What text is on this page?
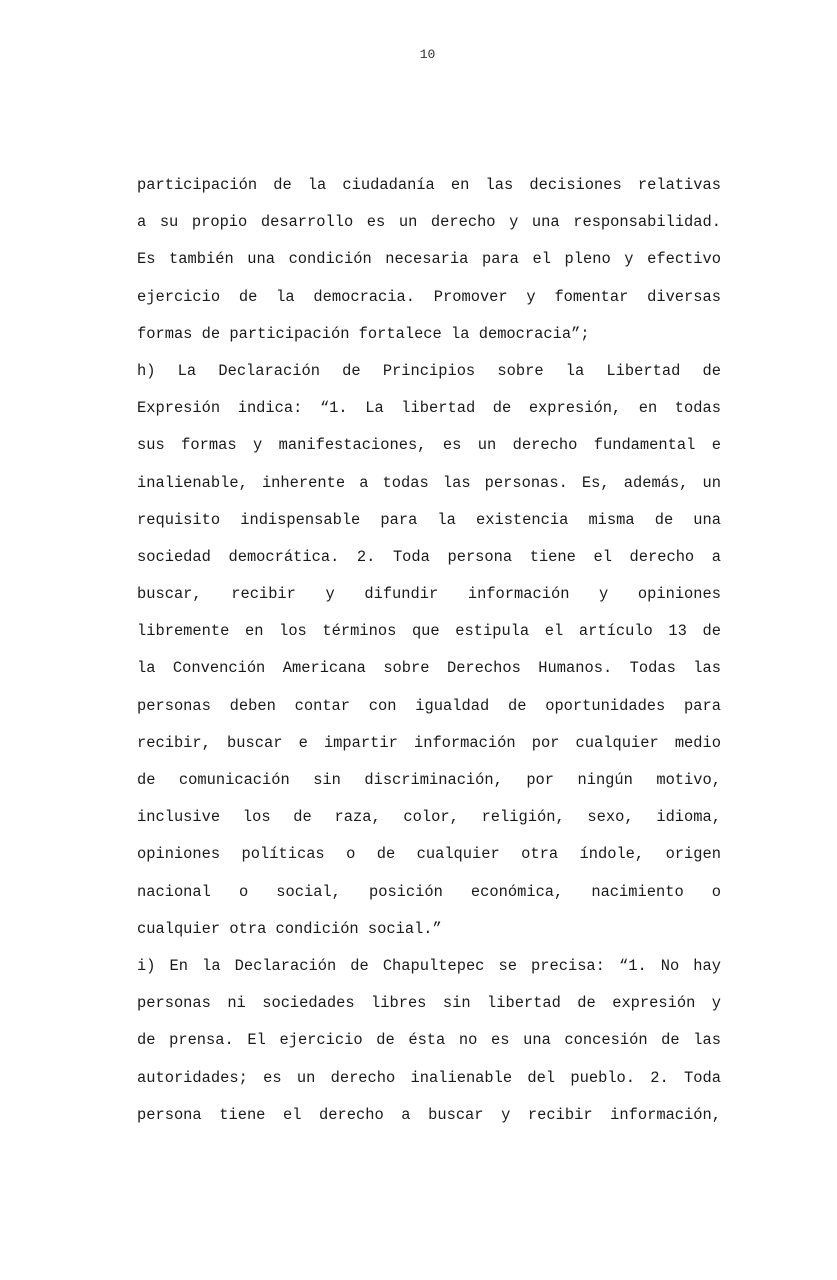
10
participación de la ciudadanía en las decisiones relativas
a su propio desarrollo es un derecho y una responsabilidad.
Es también una condición necesaria para el pleno y efectivo
ejercicio de la democracia. Promover y fomentar diversas
formas de participación fortalece la democracia”;
h) La Declaración de Principios sobre la Libertad de
Expresión indica: “1. La libertad de expresión, en todas
sus formas y manifestaciones, es un derecho fundamental e
inalienable, inherente a todas las personas. Es, además, un
requisito indispensable para la existencia misma de una
sociedad democrática. 2. Toda persona tiene el derecho a
buscar, recibir y difundir información y opiniones
libremente en los términos que estipula el artículo 13 de
la Convención Americana sobre Derechos Humanos. Todas las
personas deben contar con igualdad de oportunidades para
recibir, buscar e impartir información por cualquier medio
de comunicación sin discriminación, por ningún motivo,
inclusive los de raza, color, religión, sexo, idioma,
opiniones políticas o de cualquier otra índole, origen
nacional o social, posición económica, nacimiento o
cualquier otra condición social.”
i) En la Declaración de Chapultepec se precisa: “1. No hay
personas ni sociedades libres sin libertad de expresión y
de prensa. El ejercicio de ésta no es una concesión de las
autoridades; es un derecho inalienable del pueblo. 2. Toda
persona tiene el derecho a buscar y recibir información,
